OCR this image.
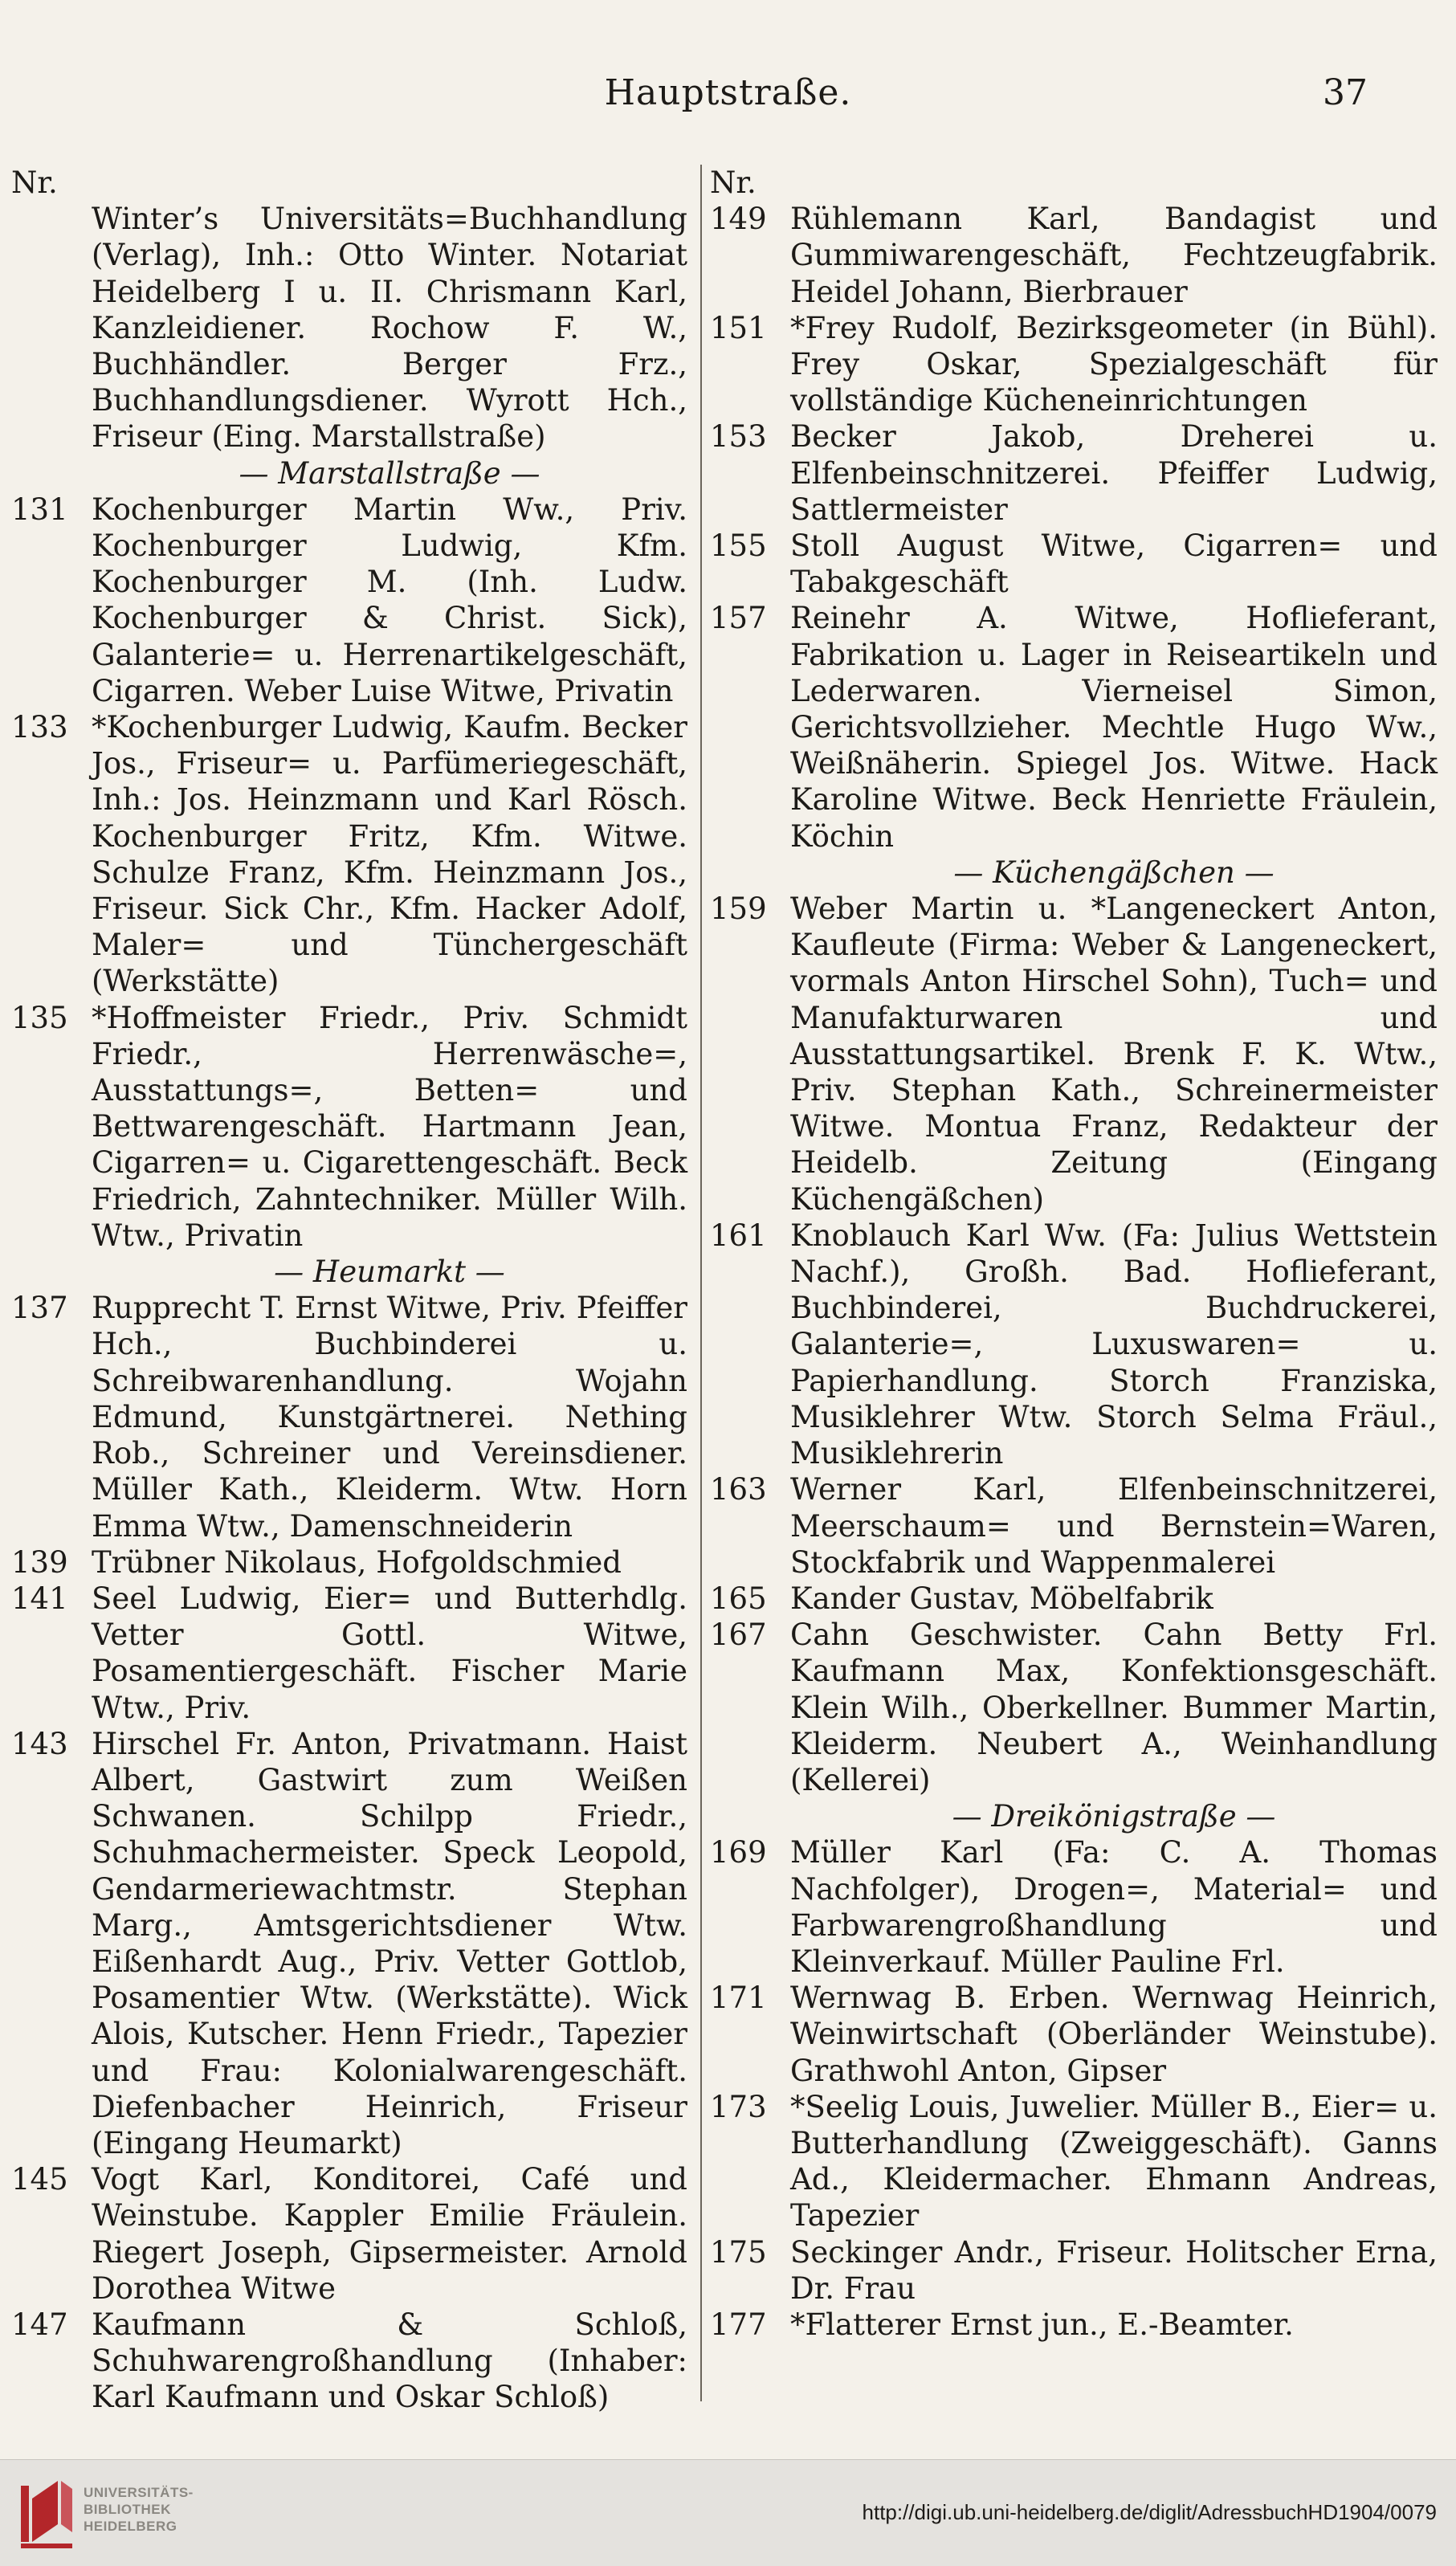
Hauptstraße.	37
Nr.
Winter’s Universitäts=Buchhandlung (Verlag), Inh.: Otto Winter. Notariat Heidelberg I u. II. Chrismann Karl, Kanzleidiener. Rochow F. W., Buchhändler. Berger Frz., Buchhandlungsdiener. Wyrott Hch., Friseur (Eing. Marstallstraße)
— Marstallstraße —
131 Kochenburger Martin Ww., Priv. Kochenburger Ludwig, Kfm. Kochenburger M. (Inh. Ludw. Kochenburger & Christ. Sick), Galanterie= u. Herrenartikelgeschäft, Cigarren. Weber Luise Witwe, Privatin
133 *Kochenburger Ludwig, Kaufm. Becker Jos., Friseur= u. Parfümeriegeschäft, Inh.: Jos. Heinzmann und Karl Rösch. Kochenburger Fritz, Kfm. Witwe. Schulze Franz, Kfm. Heinzmann Jos., Friseur. Sick Chr., Kfm. Hacker Adolf, Maler= und Tünchergeschäft (Werkstätte)
135 *Hoffmeister Friedr., Priv. Schmidt Friedr., Herrenwäsche=, Ausstattungs=, Betten= und Bettwarengeschäft. Hartmann Jean, Cigarren= u. Cigarettengeschäft. Beck Friedrich, Zahntechniker. Müller Wilh. Wtw., Privatin
— Heumarkt —
137 Rupprecht T. Ernst Witwe, Priv. Pfeiffer Hch., Buchbinderei u. Schreibwarenhandlung. Wojahn Edmund, Kunstgärtnerei. Nething Rob., Schreiner und Vereinsdiener. Müller Kath., Kleiderm. Wtw. Horn Emma Wtw., Damenschneiderin
139 Trübner Nikolaus, Hofgoldschmied
141 Seel Ludwig, Eier= und Butterhdlg. Vetter Gottl. Witwe, Posamentiergeschäft. Fischer Marie Wtw., Priv.
143 Hirschel Fr. Anton, Privatmann. Haist Albert, Gastwirt zum Weißen Schwanen. Schilpp Friedr., Schuhmachermeister. Speck Leopold, Gendarmeriewachtmstr. Stephan Marg., Amtsgerichtsdiener Wtw. Eißenhardt Aug., Priv. Vetter Gottlob, Posamentier Wtw. (Werkstätte). Wick Alois, Kutscher. Henn Friedr., Tapezier und Frau: Kolonialwarengeschäft. Diefenbacher Heinrich, Friseur (Eingang Heumarkt)
145 Vogt Karl, Konditorei, Café und Weinstube. Kappler Emilie Fräulein. Riegert Joseph, Gipsermeister. Arnold Dorothea Witwe
147 Kaufmann & Schloß, Schuhwarengroßhandlung (Inhaber: Karl Kaufmann und Oskar Schloß)
Nr.
149 Rühlemann Karl, Bandagist und Gummiwarengeschäft, Fechtzeugfabrik. Heidel Johann, Bierbrauer
151 *Frey Rudolf, Bezirksgeometer (in Bühl). Frey Oskar, Spezialgeschäft für vollständige Kücheneinrichtungen
153 Becker Jakob, Dreherei u. Elfenbeinschnitzerei. Pfeiffer Ludwig, Sattlermeister
155 Stoll August Witwe, Cigarren= und Tabakgeschäft
157 Reinehr A. Witwe, Hoflieferant, Fabrikation u. Lager in Reiseartikeln und Lederwaren. Vierneisel Simon, Gerichtsvollzieher. Mechtle Hugo Ww., Weißnäherin. Spiegel Jos. Witwe. Hack Karoline Witwe. Beck Henriette Fräulein, Köchin
— Küchengäßchen —
159 Weber Martin u. *Langeneckert Anton, Kaufleute (Firma: Weber & Langeneckert, vormals Anton Hirschel Sohn), Tuch= und Manufakturwaren und Ausstattungsartikel. Brenk F. K. Wtw., Priv. Stephan Kath., Schreinermeister Witwe. Montua Franz, Redakteur der Heidelb. Zeitung (Eingang Küchengäßchen)
161 Knoblauch Karl Ww. (Fa: Julius Wettstein Nachf.), Großh. Bad. Hoflieferant, Buchbinderei, Buchdruckerei, Galanterie=, Luxuswaren= u. Papierhandlung. Storch Franziska, Musiklehrer Wtw. Storch Selma Fräul., Musiklehrerin
163 Werner Karl, Elfenbeinschnitzerei, Meerschaum= und Bernstein=Waren, Stockfabrik und Wappenmalerei
165 Kander Gustav, Möbelfabrik
167 Cahn Geschwister. Cahn Betty Frl. Kaufmann Max, Konfektionsgeschäft. Klein Wilh., Oberkellner. Bummer Martin, Kleiderm. Neubert A., Weinhandlung (Kellerei)
— Dreikönigstraße —
169 Müller Karl (Fa: C. A. Thomas Nachfolger), Drogen=, Material= und Farbwarengroßhandlung und Kleinverkauf. Müller Pauline Frl.
171 Wernwag B. Erben. Wernwag Heinrich, Weinwirtschaft (Oberländer Weinstube). Grathwohl Anton, Gipser
173 *Seelig Louis, Juwelier. Müller B., Eier= u. Butterhandlung (Zweiggeschäft). Ganns Ad., Kleidermacher. Ehmann Andreas, Tapezier
175 Seckinger Andr., Friseur. Holitscher Erna, Dr. Frau
177 *Flatterer Ernst jun., E.-Beamter.
UNIVERSITÄTS-
BIBLIOTHEK
HEIDELBERG
http://digi.ub.uni-heidelberg.de/diglit/AdressbuchHD1904/0079
